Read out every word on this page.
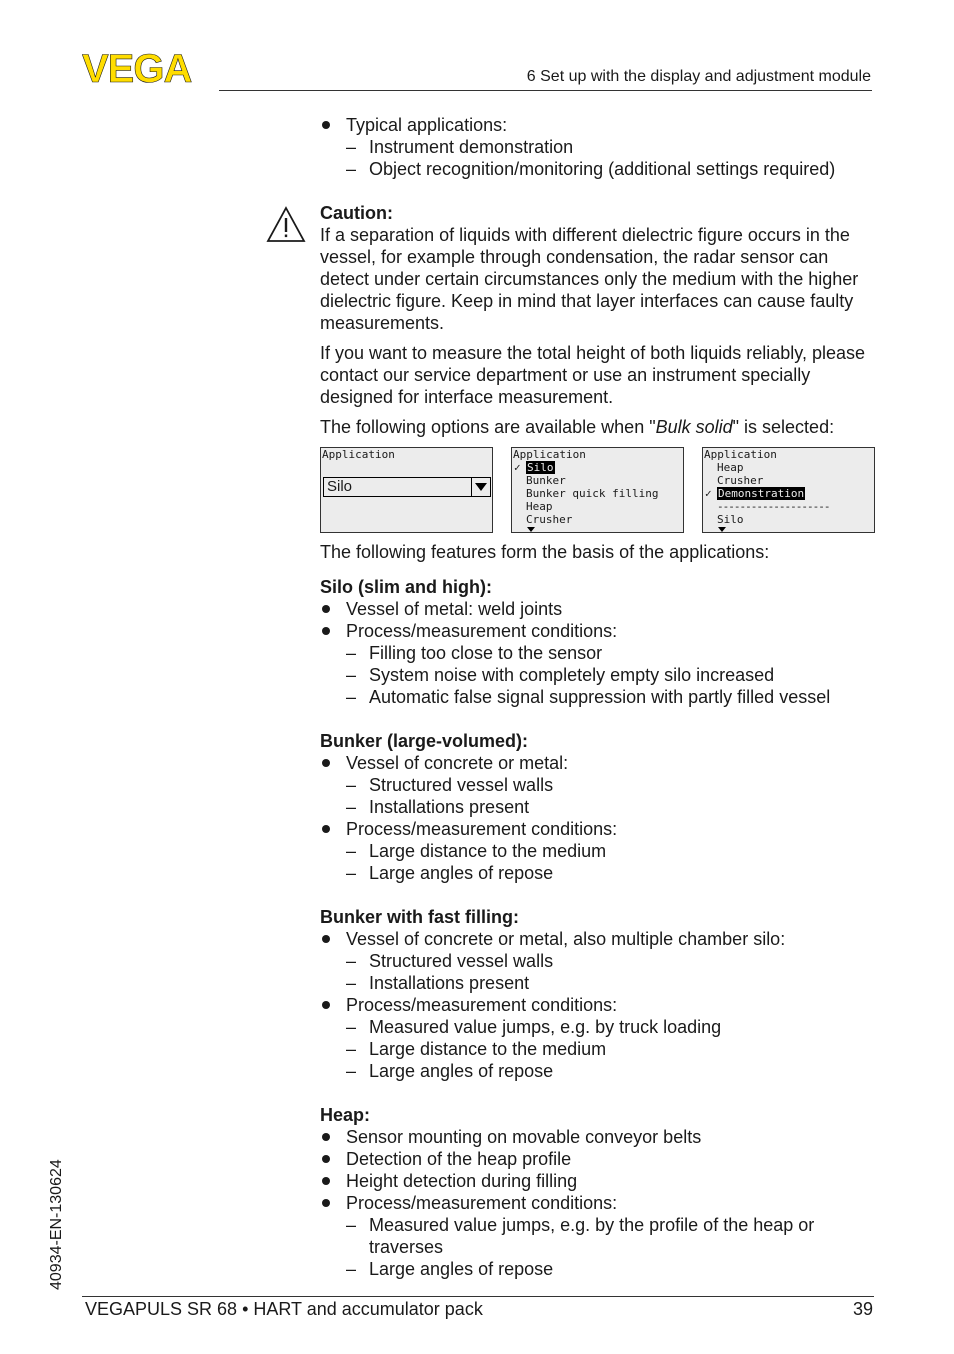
VEGA	6 Set up with the display and adjustment module
Typical applications:
– Instrument demonstration
– Object recognition/monitoring (additional settings required)

Caution:

If a separation of liquids with different dielectric figure occurs in the vessel, for example through condensation, the radar sensor can detect under certain circumstances only the medium with the higher dielectric figure. Keep in mind that layer interfaces can cause faulty measurements.

If you want to measure the total height of both liquids reliably, please contact our service department or use an instrument specially designed for interface measurement.

The following options are available when "Bulk solid" is selected:

Application
Silo
Application
✓ Silo
Bunker
Bunker quick filling
Heap
Crusher
Application
Heap
Crusher
✓ Demonstration
--------------------
Silo

The following features form the basis of the applications:

Silo (slim and high):

Vessel of metal: weld joints
Process/measurement conditions:
– Filling too close to the sensor
– System noise with completely empty silo increased
– Automatic false signal suppression with partly filled vessel

Bunker (large-volumed):

Vessel of concrete or metal:
– Structured vessel walls
– Installations present
Process/measurement conditions:
– Large distance to the medium
– Large angles of repose

Bunker with fast filling:

Vessel of concrete or metal, also multiple chamber silo:
– Structured vessel walls
– Installations present
Process/measurement conditions:
– Measured value jumps, e.g. by truck loading
– Large distance to the medium
– Large angles of repose

Heap:

Sensor mounting on movable conveyor belts
Detection of the heap profile
Height detection during filling
Process/measurement conditions:
– Measured value jumps, e.g. by the profile of the heap or traverses
– Large angles of repose
40934-EN-130624
VEGAPULS SR 68 • HART and accumulator pack	39
